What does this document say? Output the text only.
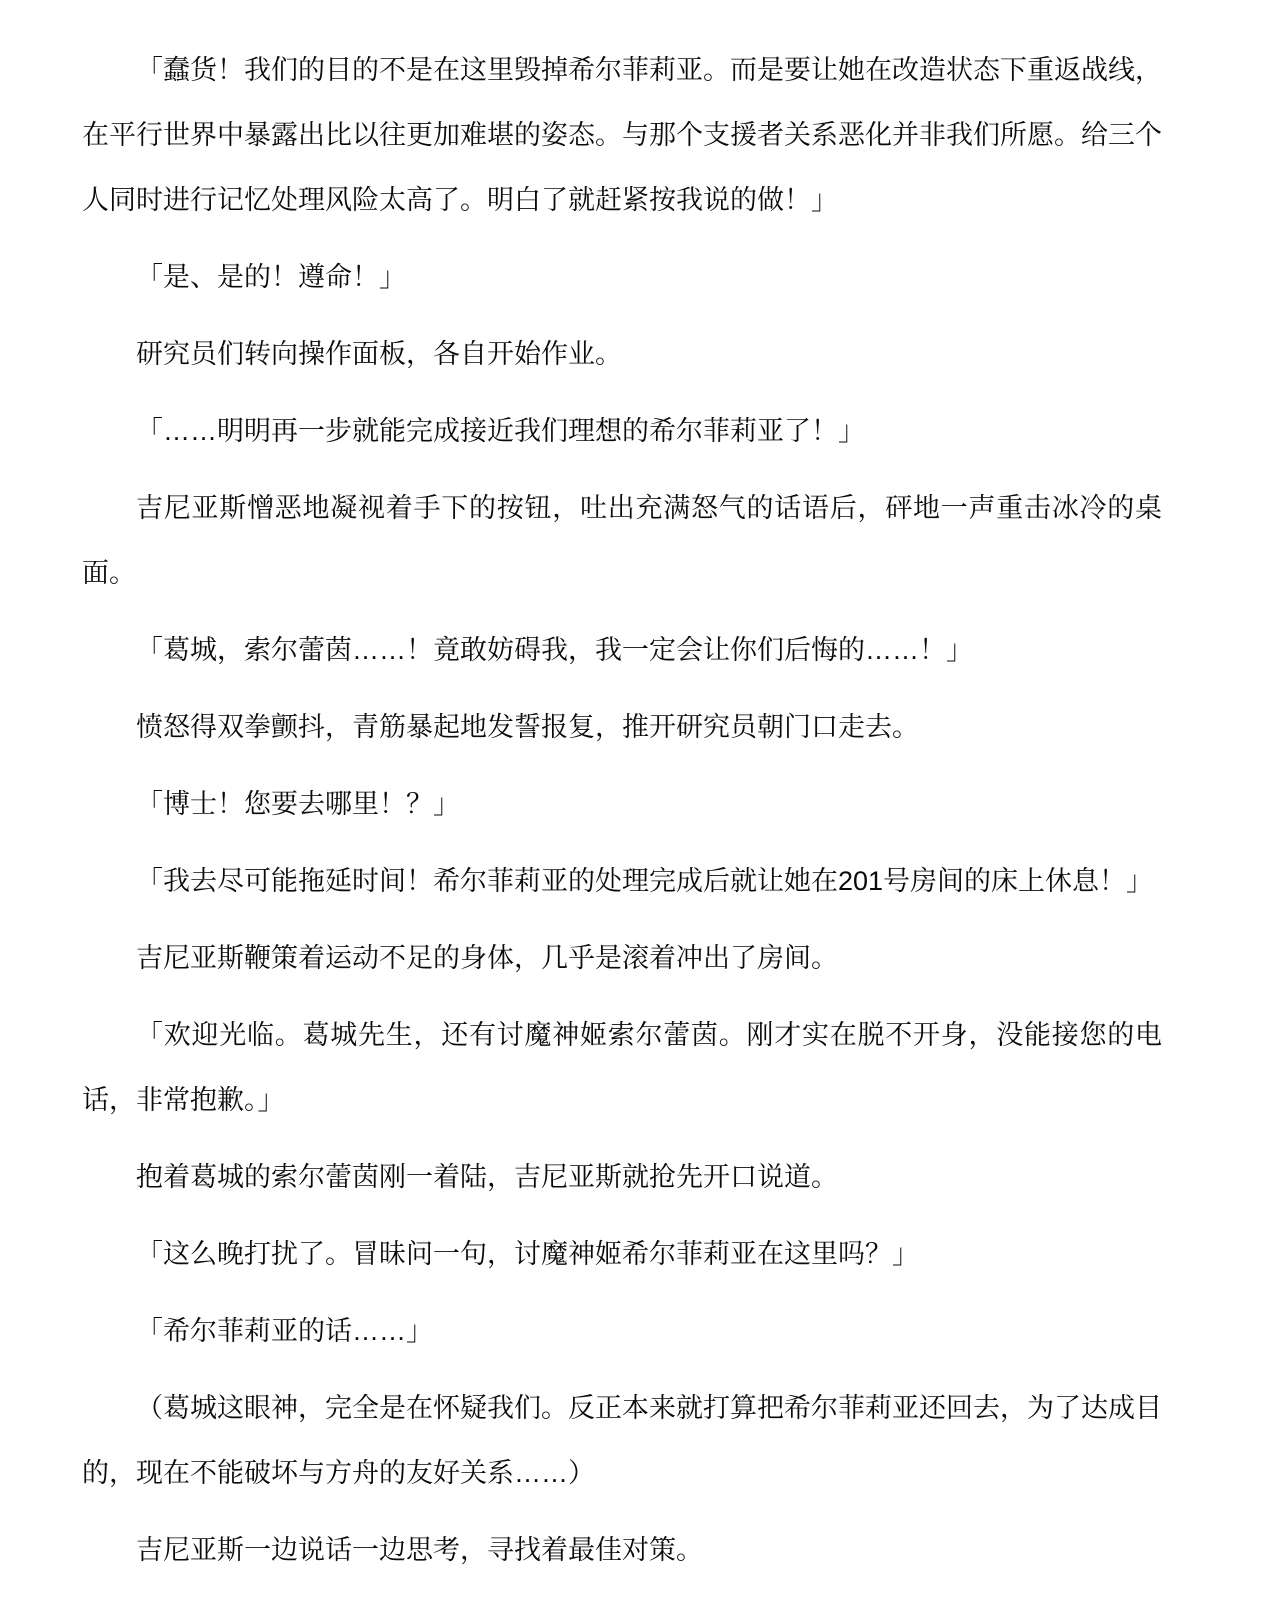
「蠢货！我们的目的不是在这里毁掉希尔菲莉亚。而是要让她在改造状态下重返战线，在平行世界中暴露出比以往更加难堪的姿态。与那个支援者关系恶化并非我们所愿。给三个人同时进行记忆处理风险太高了。明白了就赶紧按我说的做！」

「是、是的！遵命！」

研究员们转向操作面板，各自开始作业。

「……明明再一步就能完成接近我们理想的希尔菲莉亚了！」

吉尼亚斯憎恶地凝视着手下的按钮，吐出充满怒气的话语后，砰地一声重击冰冷的桌面。

「葛城，索尔蕾茵……！竟敢妨碍我，我一定会让你们后悔的……！」

愤怒得双拳颤抖，青筋暴起地发誓报复，推开研究员朝门口走去。

「博士！您要去哪里！？」

「我去尽可能拖延时间！希尔菲莉亚的处理完成后就让她在201号房间的床上休息！」

吉尼亚斯鞭策着运动不足的身体，几乎是滚着冲出了房间。

「欢迎光临。葛城先生，还有讨魔神姬索尔蕾茵。刚才实在脱不开身，没能接您的电话，非常抱歉。」

抱着葛城的索尔蕾茵刚一着陆，吉尼亚斯就抢先开口说道。

「这么晚打扰了。冒昧问一句，讨魔神姬希尔菲莉亚在这里吗？」

「希尔菲莉亚的话……」

（葛城这眼神，完全是在怀疑我们。反正本来就打算把希尔菲莉亚还回去，为了达成目的，现在不能破坏与方舟的友好关系……）

吉尼亚斯一边说话一边思考，寻找着最佳对策。
